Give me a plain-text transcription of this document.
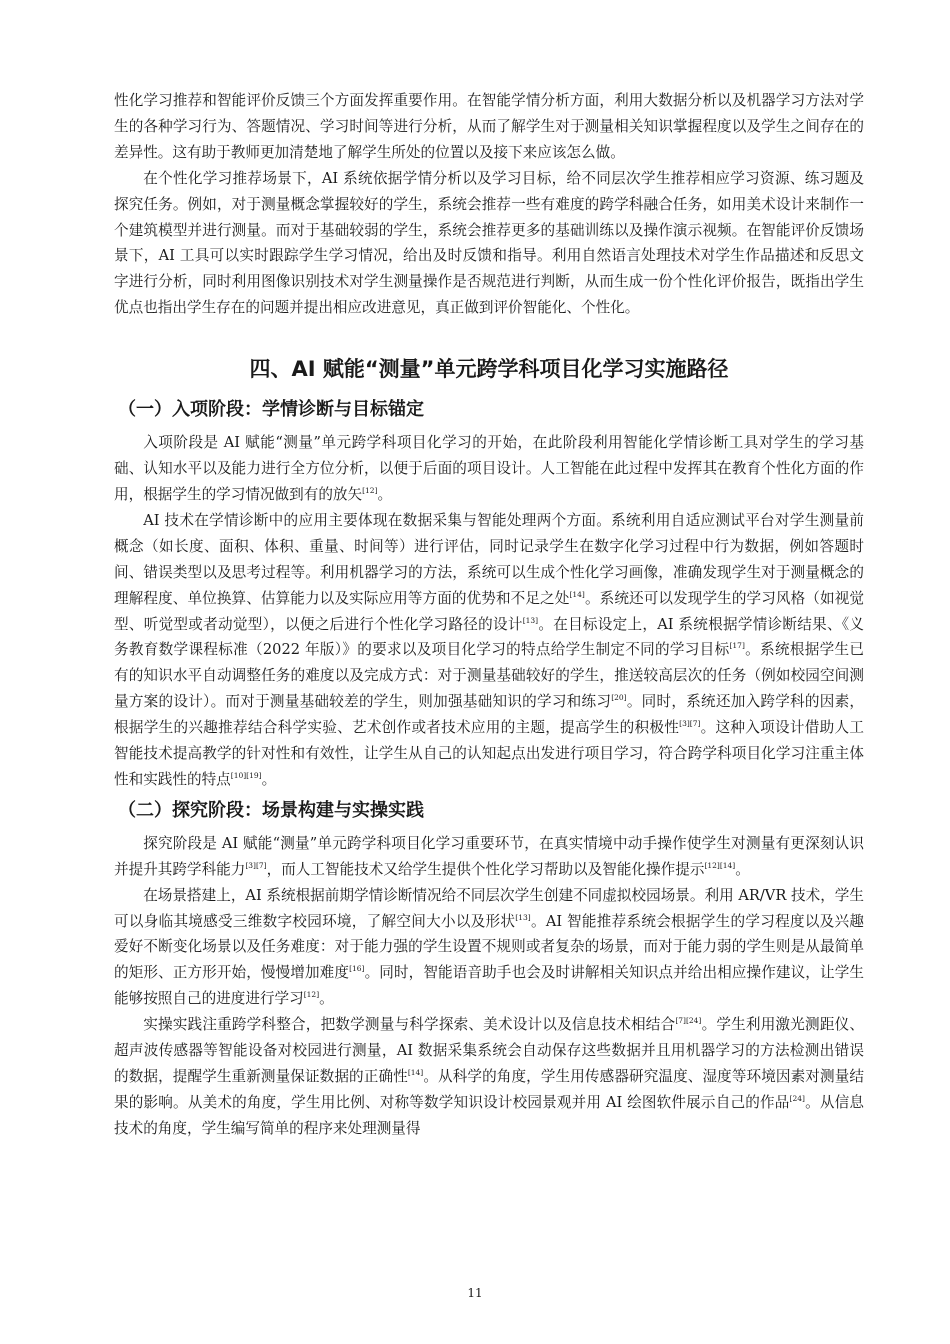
性化学习推荐和智能评价反馈三个方面发挥重要作用。在智能学情分析方面，利用大数据分析以及机器学习方法对学生的各种学习行为、答题情况、学习时间等进行分析，从而了解学生对于测量相关知识掌握程度以及学生之间存在的差异性。这有助于教师更加清楚地了解学生所处的位置以及接下来应该怎么做。

在个性化学习推荐场景下，AI 系统依据学情分析以及学习目标，给不同层次学生推荐相应学习资源、练习题及探究任务。例如，对于测量概念掌握较好的学生，系统会推荐一些有难度的跨学科融合任务，如用美术设计来制作一个建筑模型并进行测量。而对于基础较弱的学生，系统会推荐更多的基础训练以及操作演示视频。在智能评价反馈场景下，AI 工具可以实时跟踪学生学习情况，给出及时反馈和指导。利用自然语言处理技术对学生作品描述和反思文字进行分析，同时利用图像识别技术对学生测量操作是否规范进行判断，从而生成一份个性化评价报告，既指出学生优点也指出学生存在的问题并提出相应改进意见，真正做到评价智能化、个性化。

四、AI 赋能“测量”单元跨学科项目化学习实施路径
（一）入项阶段：学情诊断与目标锚定

入项阶段是 AI 赋能“测量”单元跨学科项目化学习的开始，在此阶段利用智能化学情诊断工具对学生的学习基础、认知水平以及能力进行全方位分析，以便于后面的项目设计。人工智能在此过程中发挥其在教育个性化方面的作用，根据学生的学习情况做到有的放矢[12]。

AI 技术在学情诊断中的应用主要体现在数据采集与智能处理两个方面。系统利用自适应测试平台对学生测量前概念（如长度、面积、体积、重量、时间等）进行评估，同时记录学生在数字化学习过程中行为数据，例如答题时间、错误类型以及思考过程等。利用机器学习的方法，系统可以生成个性化学习画像，准确发现学生对于测量概念的理解程度、单位换算、估算能力以及实际应用等方面的优势和不足之处[14]。系统还可以发现学生的学习风格（如视觉型、听觉型或者动觉型），以便之后进行个性化学习路径的设计[13]。在目标设定上，AI 系统根据学情诊断结果、《义务教育数学课程标准（2022 年版）》的要求以及项目化学习的特点给学生制定不同的学习目标[17]。系统根据学生已有的知识水平自动调整任务的难度以及完成方式：对于测量基础较好的学生，推送较高层次的任务（例如校园空间测量方案的设计）。而对于测量基础较差的学生，则加强基础知识的学习和练习[20]。同时，系统还加入跨学科的因素，根据学生的兴趣推荐结合科学实验、艺术创作或者技术应用的主题，提高学生的积极性[3][7]。这种入项设计借助人工智能技术提高教学的针对性和有效性，让学生从自己的认知起点出发进行项目学习，符合跨学科项目化学习注重主体性和实践性的特点[10][19]。

（二）探究阶段：场景构建与实操实践

探究阶段是 AI 赋能“测量”单元跨学科项目化学习重要环节，在真实情境中动手操作使学生对测量有更深刻认识并提升其跨学科能力[3][7]，而人工智能技术又给学生提供个性化学习帮助以及智能化操作提示[12][14]。

在场景搭建上，AI 系统根据前期学情诊断情况给不同层次学生创建不同虚拟校园场景。利用 AR/VR 技术，学生可以身临其境感受三维数字校园环境，了解空间大小以及形状[13]。AI 智能推荐系统会根据学生的学习程度以及兴趣爱好不断变化场景以及任务难度：对于能力强的学生设置不规则或者复杂的场景，而对于能力弱的学生则是从最简单的矩形、正方形开始，慢慢增加难度[16]。同时，智能语音助手也会及时讲解相关知识点并给出相应操作建议，让学生能够按照自己的进度进行学习[12]。

实操实践注重跨学科整合，把数学测量与科学探索、美术设计以及信息技术相结合[7][24]。学生利用激光测距仪、超声波传感器等智能设备对校园进行测量，AI 数据采集系统会自动保存这些数据并且用机器学习的方法检测出错误的数据，提醒学生重新测量保证数据的正确性[14]。从科学的角度，学生用传感器研究温度、湿度等环境因素对测量结果的影响。从美术的角度，学生用比例、对称等数学知识设计校园景观并用 AI 绘图软件展示自己的作品[24]。从信息技术的角度，学生编写简单的程序来处理测量得

11
